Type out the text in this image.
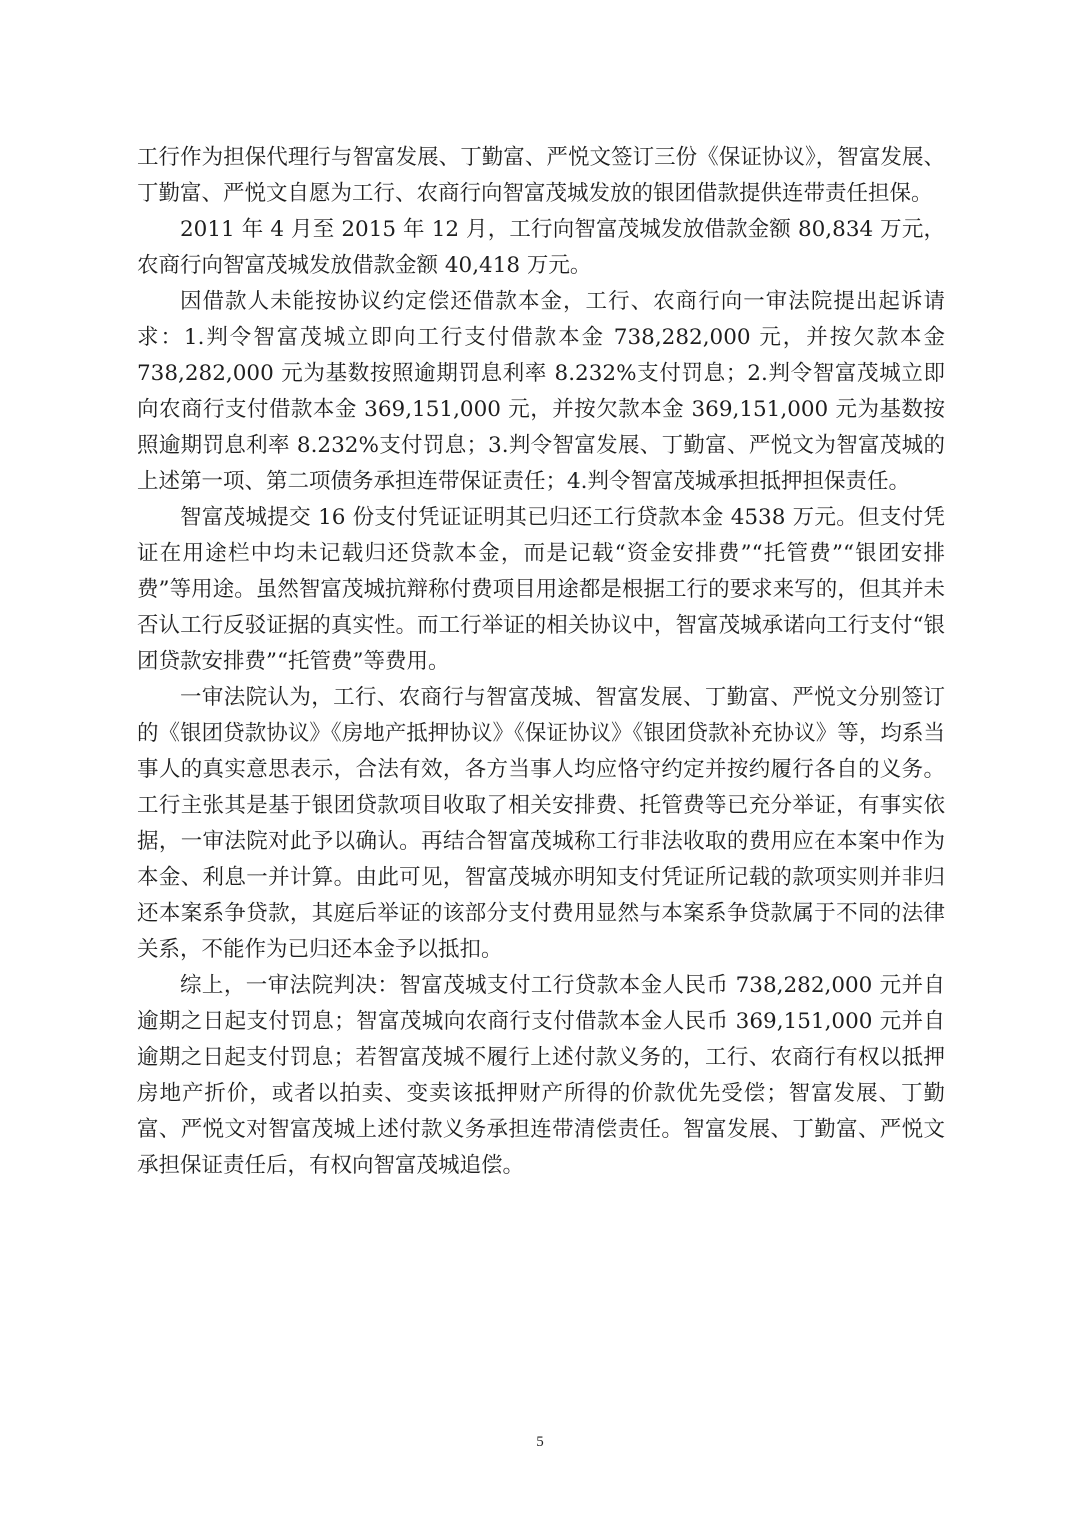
工行作为担保代理行与智富发展、丁勤富、严悦文签订三份《保证协议》，智富发展、丁勤富、严悦文自愿为工行、农商行向智富茂城发放的银团借款提供连带责任担保。

2011 年 4 月至 2015 年 12 月，工行向智富茂城发放借款金额 80,834 万元，农商行向智富茂城发放借款金额 40,418 万元。

因借款人未能按协议约定偿还借款本金，工行、农商行向一审法院提出起诉请求：1.判令智富茂城立即向工行支付借款本金 738,282,000 元，并按欠款本金 738,282,000 元为基数按照逾期罚息利率 8.232%支付罚息；2.判令智富茂城立即向农商行支付借款本金 369,151,000 元，并按欠款本金 369,151,000 元为基数按照逾期罚息利率 8.232%支付罚息；3.判令智富发展、丁勤富、严悦文为智富茂城的上述第一项、第二项债务承担连带保证责任；4.判令智富茂城承担抵押担保责任。

智富茂城提交 16 份支付凭证证明其已归还工行贷款本金 4538 万元。但支付凭证在用途栏中均未记载归还贷款本金，而是记载“资金安排费”“托管费”“银团安排费”等用途。虽然智富茂城抗辩称付费项目用途都是根据工行的要求来写的，但其并未否认工行反驳证据的真实性。而工行举证的相关协议中，智富茂城承诺向工行支付“银团贷款安排费”“托管费”等费用。

一审法院认为，工行、农商行与智富茂城、智富发展、丁勤富、严悦文分别签订的《银团贷款协议》《房地产抵押协议》《保证协议》《银团贷款补充协议》等，均系当事人的真实意思表示，合法有效，各方当事人均应恪守约定并按约履行各自的义务。工行主张其是基于银团贷款项目收取了相关安排费、托管费等已充分举证，有事实依据，一审法院对此予以确认。再结合智富茂城称工行非法收取的费用应在本案中作为本金、利息一并计算。由此可见，智富茂城亦明知支付凭证所记载的款项实则并非归还本案系争贷款，其庭后举证的该部分支付费用显然与本案系争贷款属于不同的法律关系，不能作为已归还本金予以抵扣。

综上，一审法院判决：智富茂城支付工行贷款本金人民币 738,282,000 元并自逾期之日起支付罚息；智富茂城向农商行支付借款本金人民币 369,151,000 元并自逾期之日起支付罚息；若智富茂城不履行上述付款义务的，工行、农商行有权以抵押房地产折价，或者以拍卖、变卖该抵押财产所得的价款优先受偿；智富发展、丁勤富、严悦文对智富茂城上述付款义务承担连带清偿责任。智富发展、丁勤富、严悦文承担保证责任后，有权向智富茂城追偿。

5
